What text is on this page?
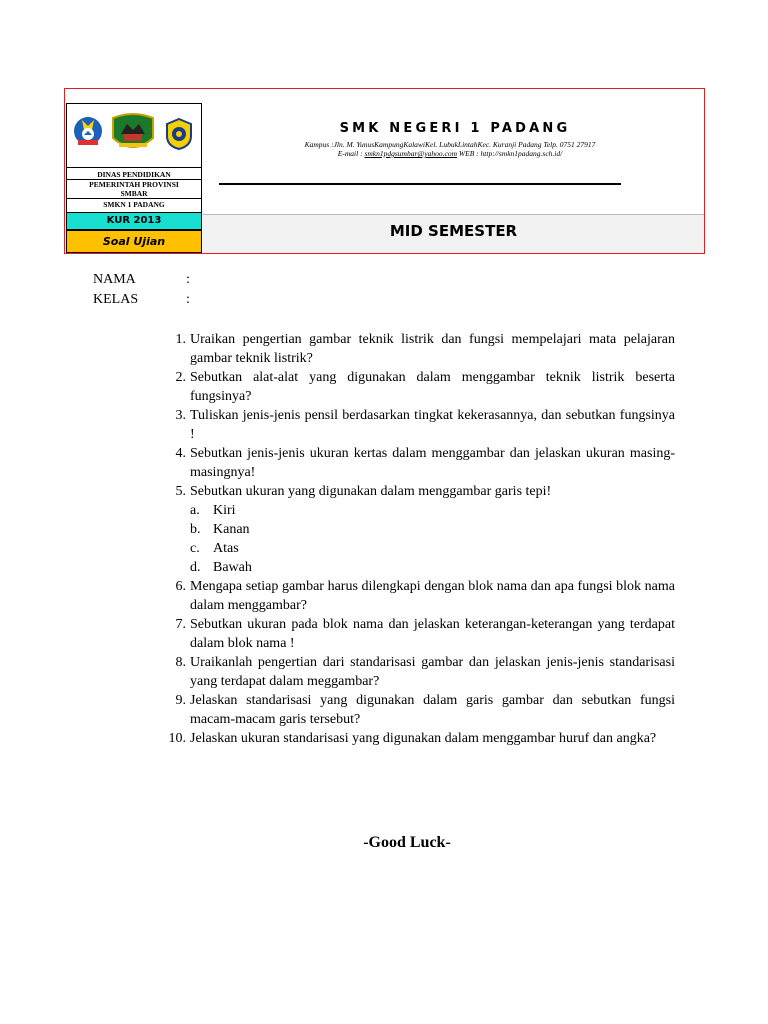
DINAS PENDIDIKAN
PEMERINTAH PROVINSI
SMBAR
SMKN 1 PADANG
KUR 2013
Soal Ujian
SMK NEGERI 1 PADANG
Kampus :Jln. M. YunusKampungKalawiKel. LubukLintahKec. Kuranji Padang Telp. 0751 27917
E-mail : smkn1pdgsumbar@yahoo.com WEB : http://smkn1padang.sch.id/
MID SEMESTER
NAMA	:
KELAS	:
1. Uraikan pengertian gambar teknik listrik dan fungsi mempelajari mata pelajaran gambar teknik listrik?
2. Sebutkan alat-alat yang digunakan dalam menggambar teknik listrik beserta fungsinya?
3. Tuliskan jenis-jenis pensil berdasarkan tingkat kekerasannya, dan sebutkan fungsinya !
4. Sebutkan jenis-jenis ukuran kertas dalam menggambar dan jelaskan ukuran masing-masingnya!
5. Sebutkan ukuran yang digunakan dalam menggambar garis tepi!
a. Kiri
b. Kanan
c. Atas
d. Bawah
6. Mengapa setiap gambar harus dilengkapi dengan blok nama dan apa fungsi blok nama dalam menggambar?
7. Sebutkan ukuran pada blok nama dan jelaskan keterangan-keterangan yang terdapat dalam blok nama !
8. Uraikanlah pengertian dari standarisasi gambar dan jelaskan jenis-jenis standarisasi yang terdapat dalam meggambar?
9. Jelaskan standarisasi yang digunakan dalam garis gambar dan sebutkan fungsi macam-macam garis tersebut?
10. Jelaskan ukuran standarisasi yang digunakan dalam menggambar huruf dan angka?
-Good Luck-
